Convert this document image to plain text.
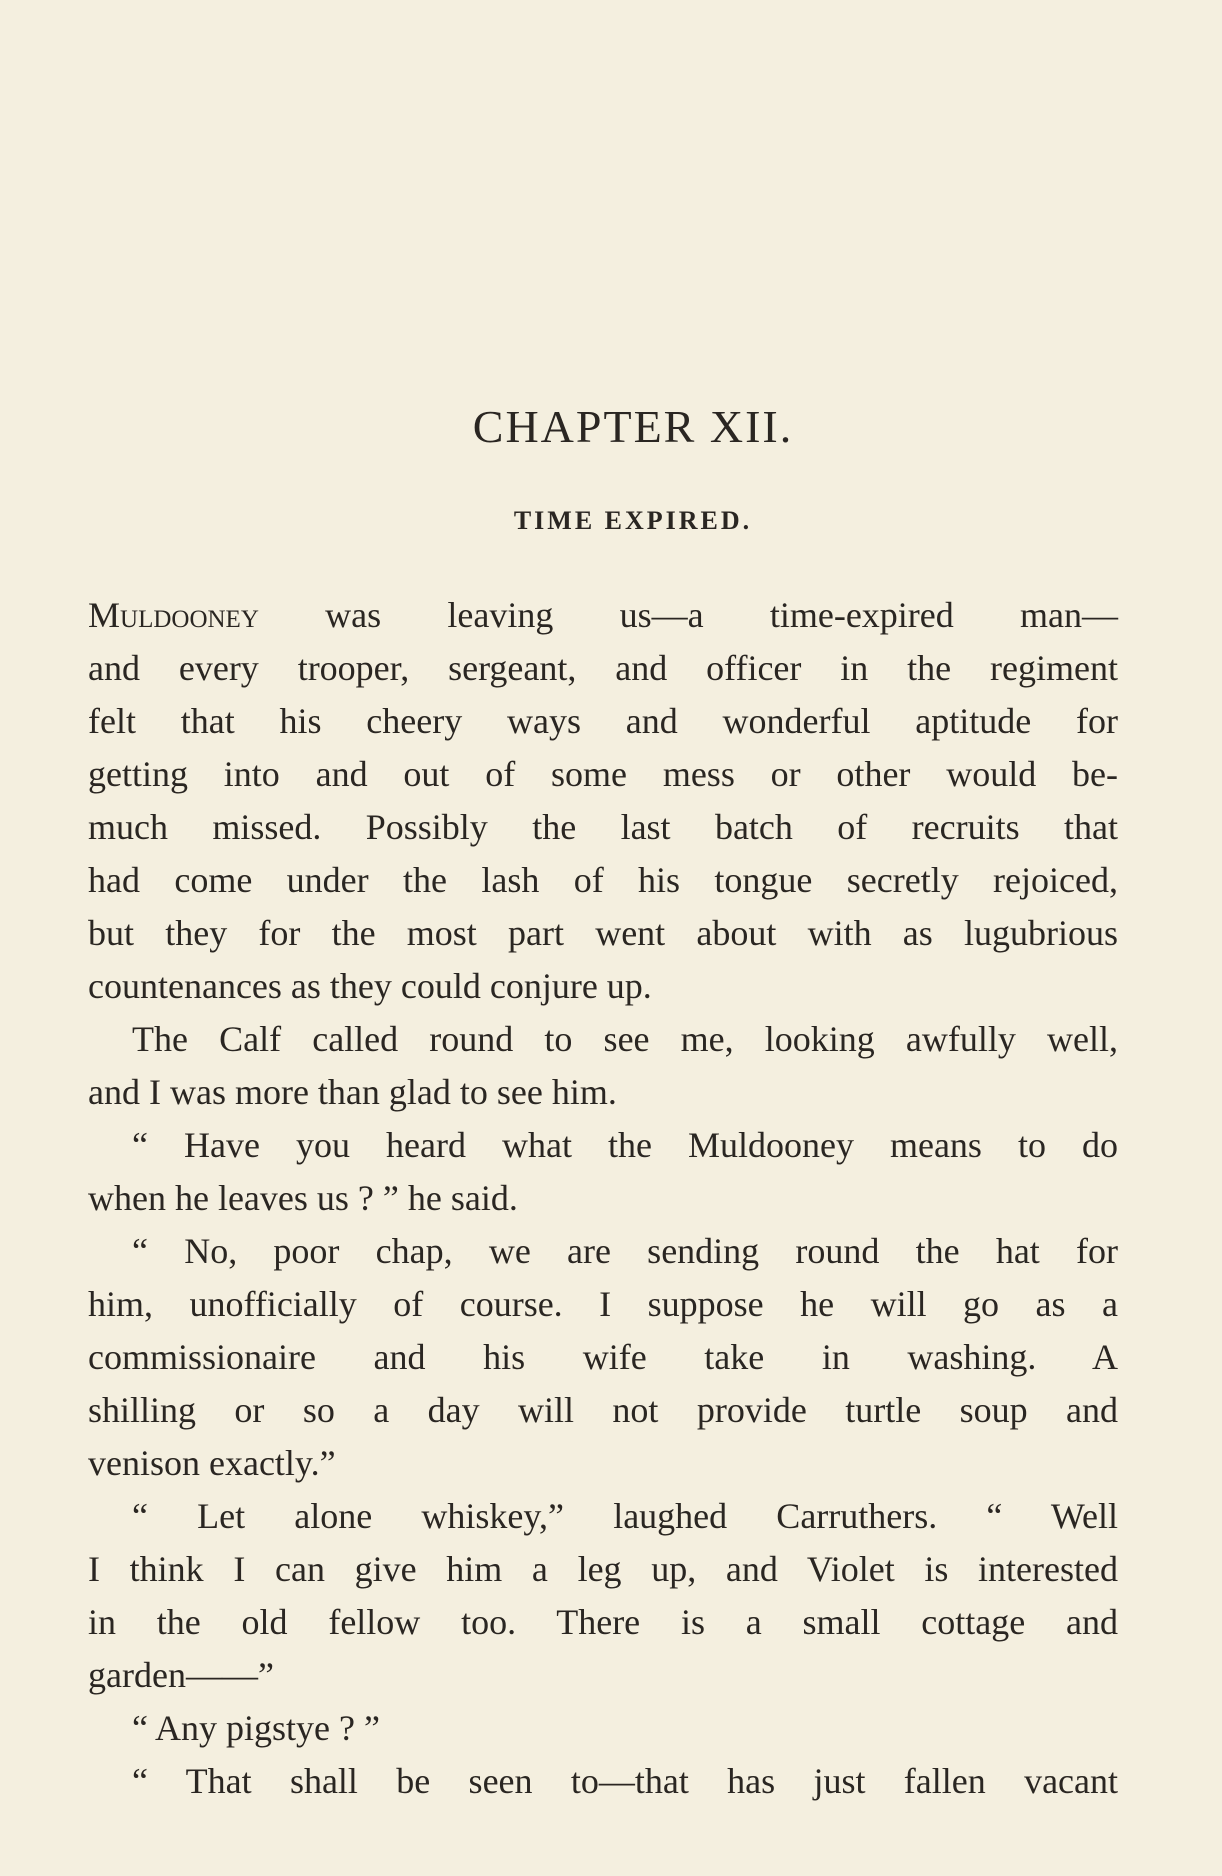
CHAPTER XII.
TIME EXPIRED.
Muldooney was leaving us—a time-expired man—
and every trooper, sergeant, and officer in the regiment
felt that his cheery ways and wonderful aptitude for
getting into and out of some mess or other would be-
much missed. Possibly the last batch of recruits that
had come under the lash of his tongue secretly rejoiced,
but they for the most part went about with as lugubrious
countenances as they could conjure up.
The Calf called round to see me, looking awfully well,
and I was more than glad to see him.
“ Have you heard what the Muldooney means to do
when he leaves us ? ” he said.
“ No, poor chap, we are sending round the hat for
him, unofficially of course. I suppose he will go as a
commissionaire and his wife take in washing. A
shilling or so a day will not provide turtle soup and
venison exactly.”
“ Let alone whiskey,” laughed Carruthers. “ Well
I think I can give him a leg up, and Violet is interested
in the old fellow too. There is a small cottage and
garden——”
“ Any pigstye ? ”
“ That shall be seen to—that has just fallen vacant
